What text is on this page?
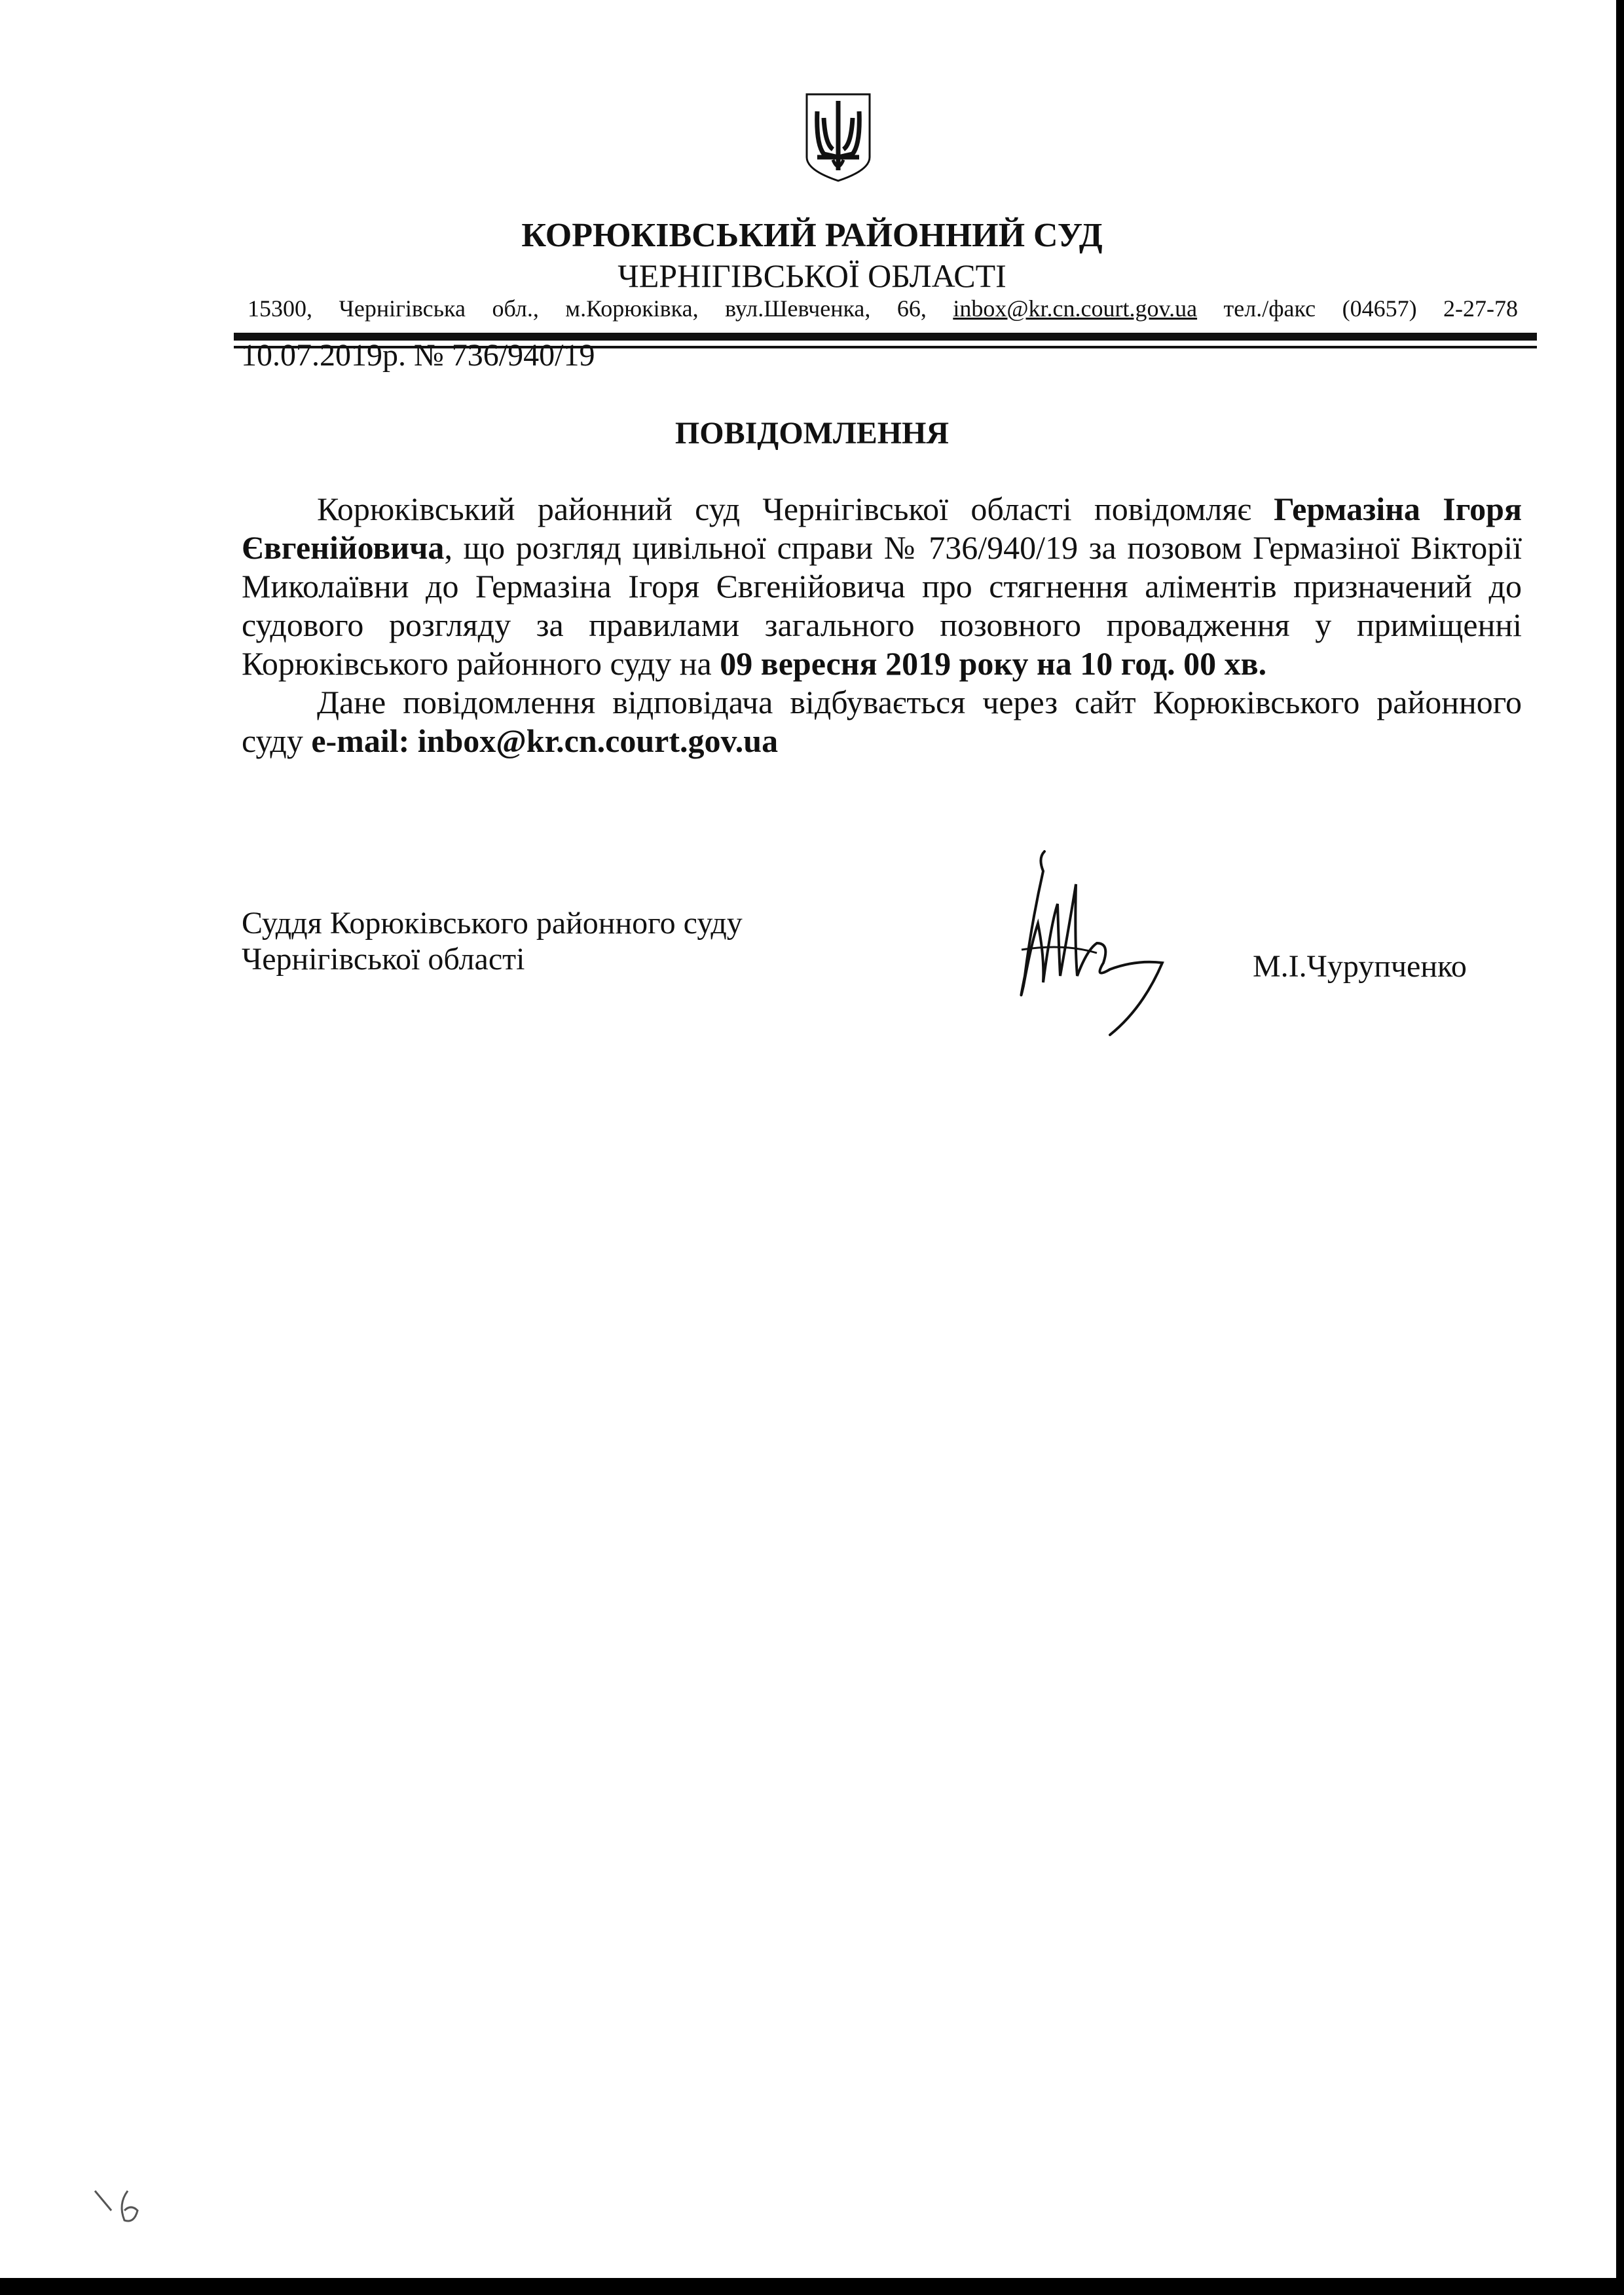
КОРЮКІВСЬКИЙ РАЙОННИЙ СУД
ЧЕРНІГІВСЬКОЇ ОБЛАСТІ
15300, Чернігівська обл., м.Корюківка, вул.Шевченка, 66, inbox@kr.cn.court.gov.ua тел./факс (04657) 2-27-78
10.07.2019р. № 736/940/19
ПОВІДОМЛЕННЯ

Корюківський районний суд Чернігівської області повідомляє Гермазіна Ігоря Євгенійовича, що розгляд цивільної справи № 736/940/19 за позовом Гермазіної Вікторії Миколаївни до Гермазіна Ігоря Євгенійовича про стягнення аліментів призначений до судового розгляду за правилами загального позовного провадження у приміщенні Корюківського районного суду на 09 вересня 2019 року на 10 год. 00 хв.

Дане повідомлення відповідача відбувається через сайт Корюківського районного суду e-mail: inbox@kr.cn.court.gov.ua

Суддя Корюківського районного суду
Чернігівської області	М.І.Чурупченко
